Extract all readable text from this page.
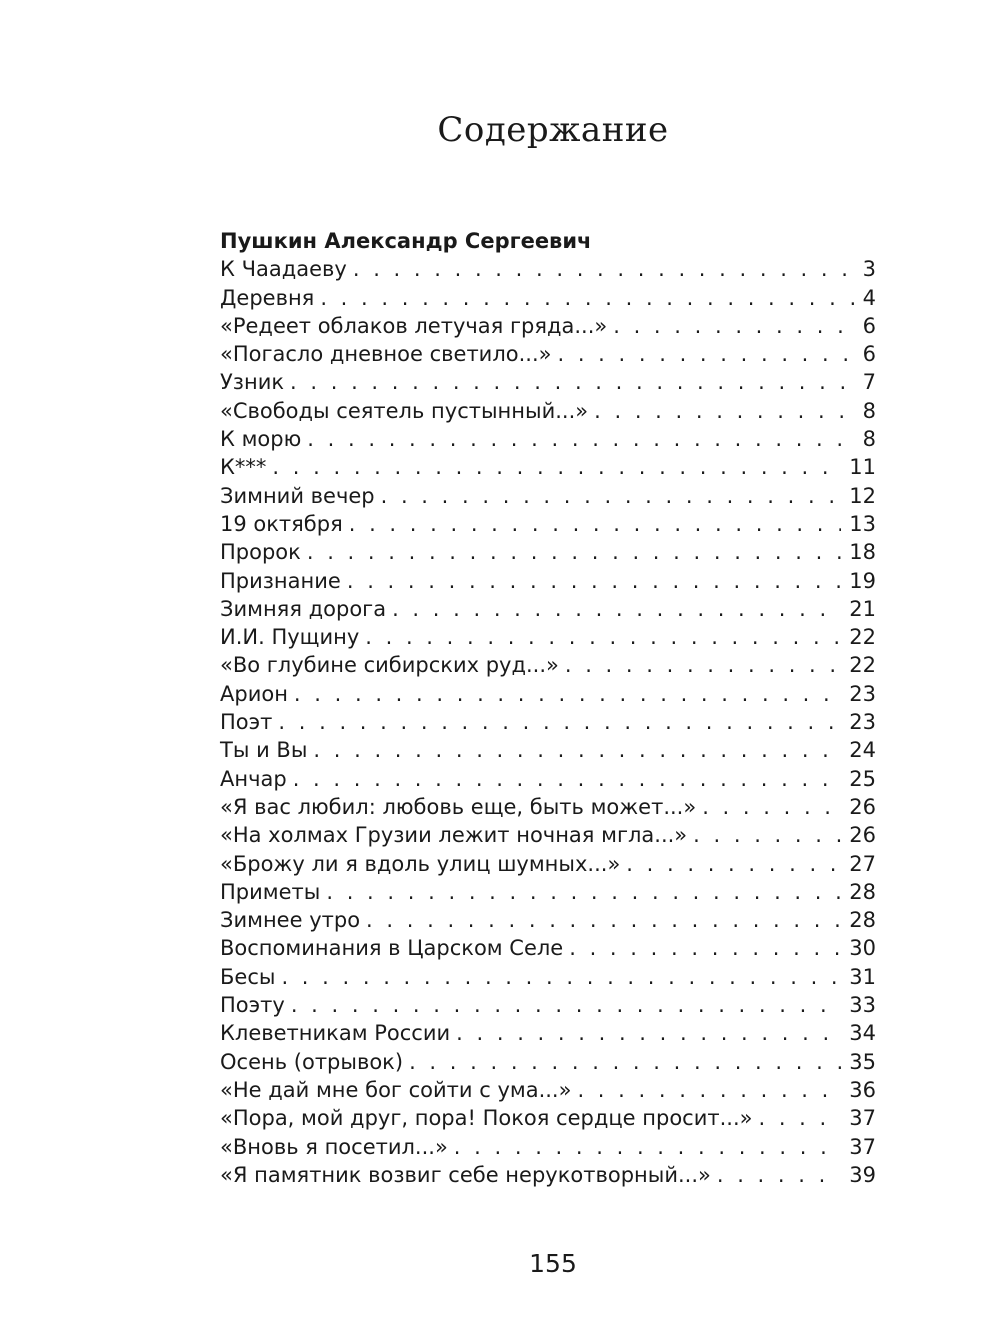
Содержание

Пушкин Александр Сергеевич

К Чаадаеву . . .	3
Деревня . . .	4
«Редеет облаков летучая гряда...» . . .	6
«Погасло дневное светило...» . . .	6
Узник . . .	7
«Свободы сеятель пустынный...» . . .	8
К морю . . .	8
К*** . . .	11
Зимний вечер . . .	12
19 октября . . .	13
Пророк . . .	18
Признание . . .	19
Зимняя дорога . . .	21
И.И. Пущину . . .	22
«Во глубине сибирских руд...» . . .	22
Арион . . .	23
Поэт . . .	23
Ты и Вы . . .	24
Анчар . . .	25
«Я вас любил: любовь еще, быть может...» . . .	26
«На холмах Грузии лежит ночная мгла...» . . .	26
«Брожу ли я вдоль улиц шумных...» . . .	27
Приметы . . .	28
Зимнее утро . . .	28
Воспоминания в Царском Селе . . .	30
Бесы . . .	31
Поэту . . .	33
Клеветникам России . . .	34
Осень (отрывок) . . .	35
«Не дай мне бог сойти с ума...» . . .	36
«Пора, мой друг, пора! Покоя сердце просит...» . . .	37
«Вновь я посетил...» . . .	37
«Я памятник возвиг себе нерукотворный...» . . .	39
155
